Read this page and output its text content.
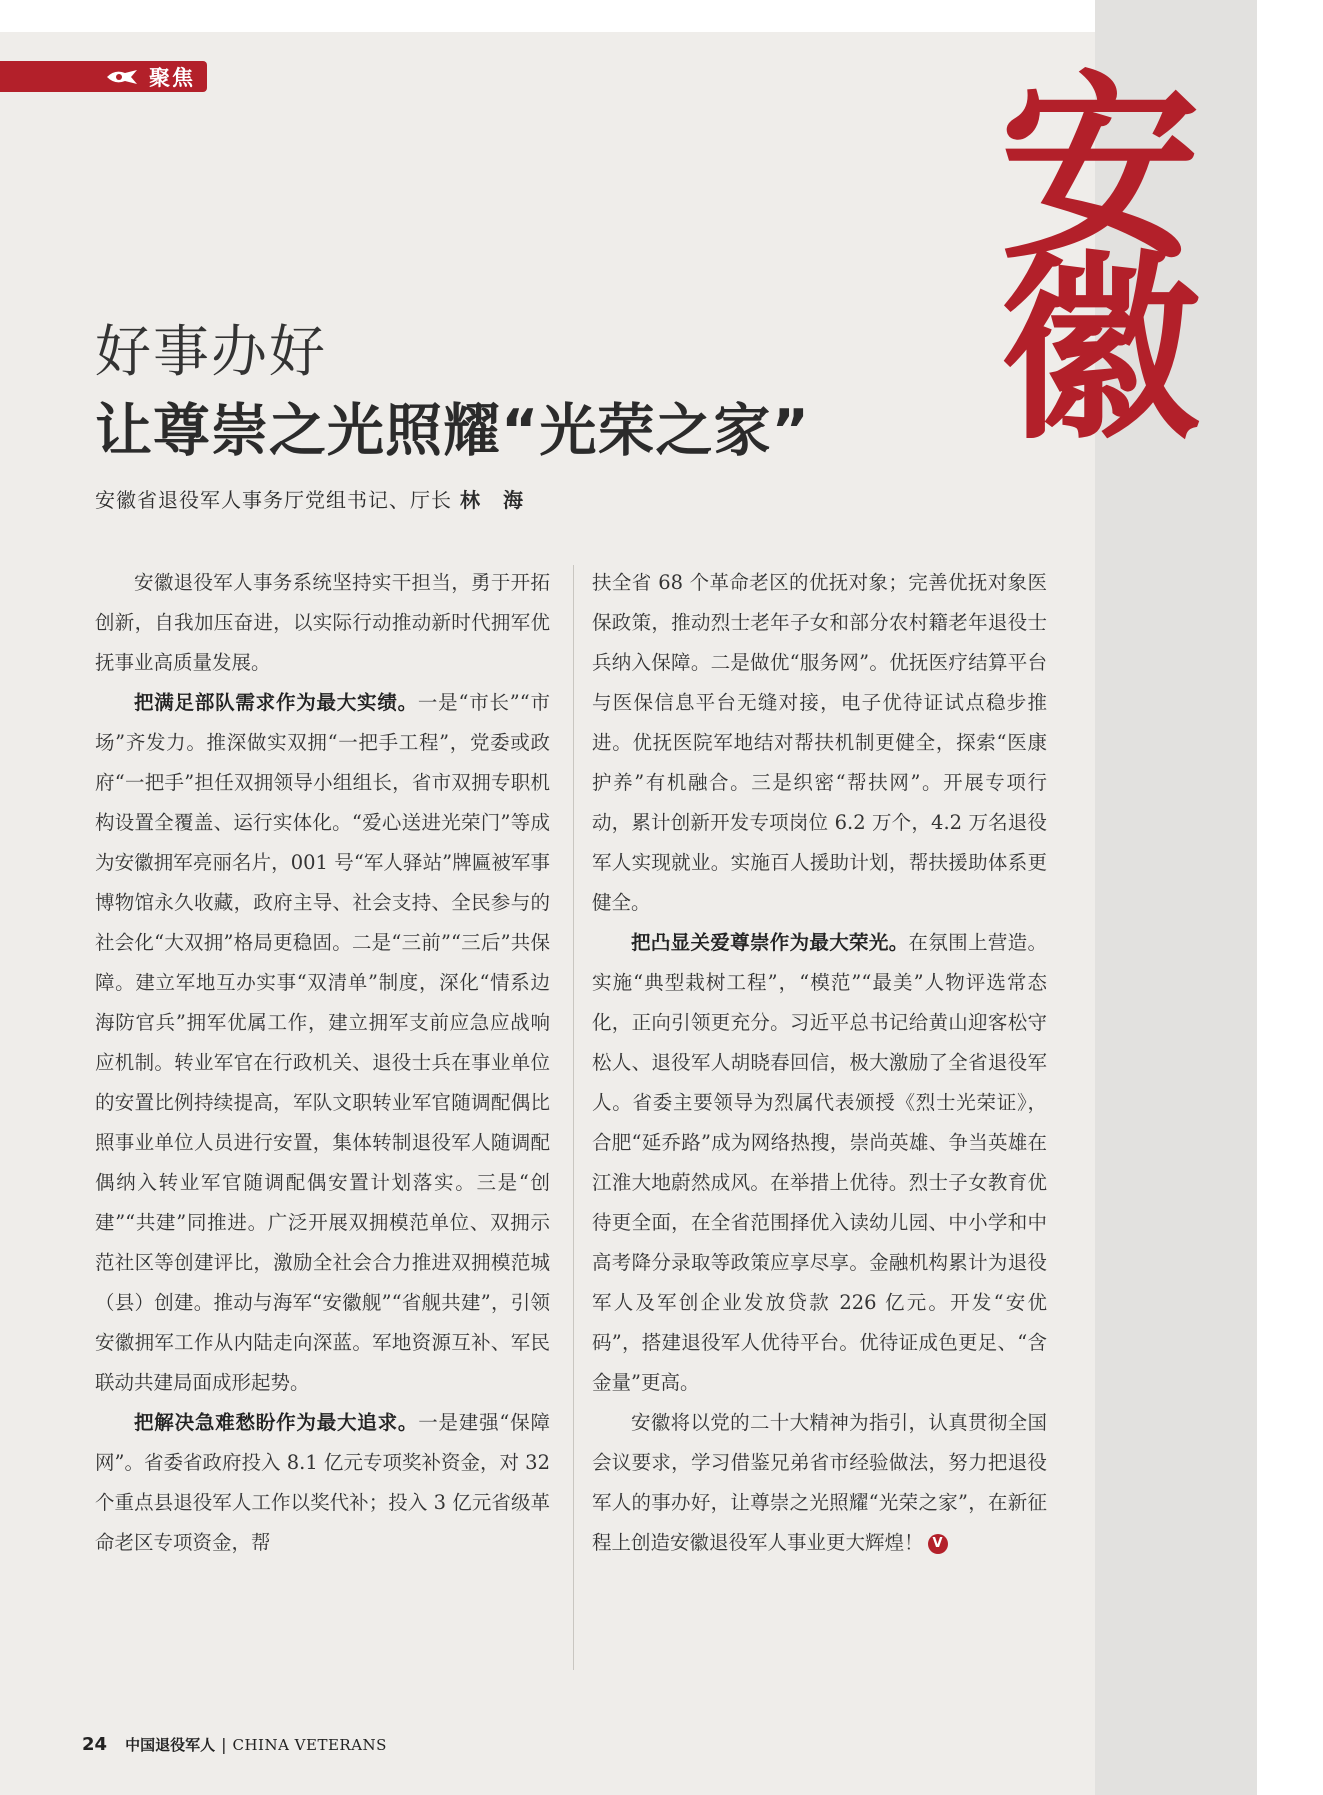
聚焦	安
徽
好事办好
让尊崇之光照耀“光荣之家”
安徽省退役军人事务厅党组书记、厅长 林 海

安徽退役军人事务系统坚持实干担当，勇于开拓创新，自我加压奋进，以实际行动推动新时代拥军优抚事业高质量发展。

把满足部队需求作为最大实绩。一是“市长”“市场”齐发力。推深做实双拥“一把手工程”，党委或政府“一把手”担任双拥领导小组组长，省市双拥专职机构设置全覆盖、运行实体化。“爱心送进光荣门”等成为安徽拥军亮丽名片，001 号“军人驿站”牌匾被军事博物馆永久收藏，政府主导、社会支持、全民参与的社会化“大双拥”格局更稳固。二是“三前”“三后”共保障。建立军地互办实事“双清单”制度，深化“情系边海防官兵”拥军优属工作，建立拥军支前应急应战响应机制。转业军官在行政机关、退役士兵在事业单位的安置比例持续提高，军队文职转业军官随调配偶比照事业单位人员进行安置，集体转制退役军人随调配偶纳入转业军官随调配偶安置计划落实。三是“创建”“共建”同推进。广泛开展双拥模范单位、双拥示范社区等创建评比，激励全社会合力推进双拥模范城（县）创建。推动与海军“安徽舰”“省舰共建”，引领安徽拥军工作从内陆走向深蓝。军地资源互补、军民联动共建局面成形起势。

把解决急难愁盼作为最大追求。一是建强“保障网”。省委省政府投入 8.1 亿元专项奖补资金，对 32 个重点县退役军人工作以奖代补；投入 3 亿元省级革命老区专项资金，帮

扶全省 68 个革命老区的优抚对象；完善优抚对象医保政策，推动烈士老年子女和部分农村籍老年退役士兵纳入保障。二是做优“服务网”。优抚医疗结算平台与医保信息平台无缝对接，电子优待证试点稳步推进。优抚医院军地结对帮扶机制更健全，探索“医康护养”有机融合。三是织密“帮扶网”。开展专项行动，累计创新开发专项岗位 6.2 万个，4.2 万名退役军人实现就业。实施百人援助计划，帮扶援助体系更健全。

把凸显关爱尊崇作为最大荣光。在氛围上营造。实施“典型栽树工程”，“模范”“最美”人物评选常态化，正向引领更充分。习近平总书记给黄山迎客松守松人、退役军人胡晓春回信，极大激励了全省退役军人。省委主要领导为烈属代表颁授《烈士光荣证》，合肥“延乔路”成为网络热搜，崇尚英雄、争当英雄在江淮大地蔚然成风。在举措上优待。烈士子女教育优待更全面，在全省范围择优入读幼儿园、中小学和中高考降分录取等政策应享尽享。金融机构累计为退役军人及军创企业发放贷款 226 亿元。开发“安优码”，搭建退役军人优待平台。优待证成色更足、“含金量”更高。

安徽将以党的二十大精神为指引，认真贯彻全国会议要求，学习借鉴兄弟省市经验做法，努力把退役军人的事办好，让尊崇之光照耀“光荣之家”，在新征程上创造安徽退役军人事业更大辉煌！ V

24 中国退役军人 | CHINA VETERANS
